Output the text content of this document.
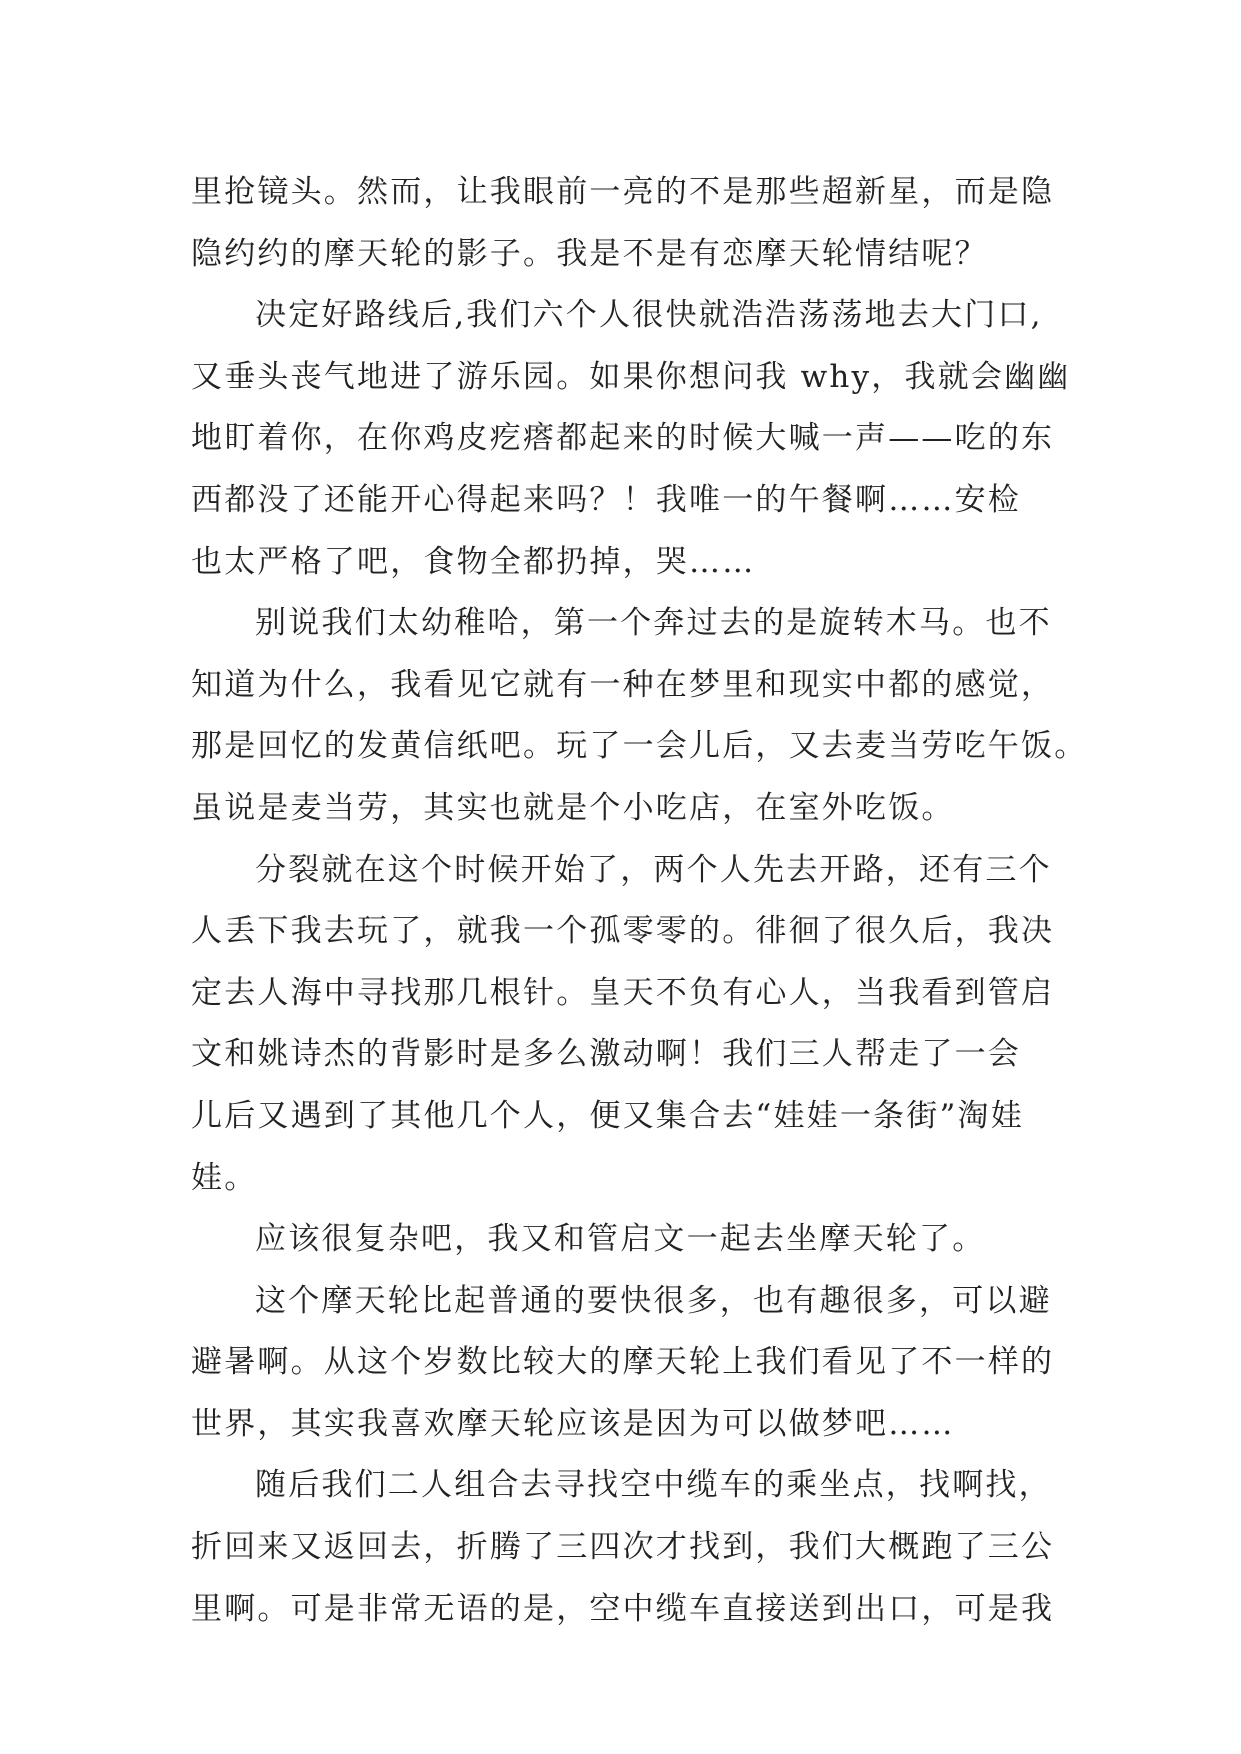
里抢镜头。然而，让我眼前一亮的不是那些超新星，而是隐
隐约约的摩天轮的影子。我是不是有恋摩天轮情结呢？
决定好路线后,我们六个人很快就浩浩荡荡地去大门口,
又垂头丧气地进了游乐园。如果你想问我 why，我就会幽幽
地盯着你，在你鸡皮疙瘩都起来的时候大喊一声——吃的东
西都没了还能开心得起来吗？！我唯一的午餐啊……安检
也太严格了吧，食物全都扔掉，哭……
别说我们太幼稚哈，第一个奔过去的是旋转木马。也不
知道为什么，我看见它就有一种在梦里和现实中都的感觉，
那是回忆的发黄信纸吧。玩了一会儿后，又去麦当劳吃午饭。
虽说是麦当劳，其实也就是个小吃店，在室外吃饭。
分裂就在这个时候开始了，两个人先去开路，还有三个
人丢下我去玩了，就我一个孤零零的。徘徊了很久后，我决
定去人海中寻找那几根针。皇天不负有心人，当我看到管启
文和姚诗杰的背影时是多么激动啊！我们三人帮走了一会
儿后又遇到了其他几个人，便又集合去“娃娃一条街”淘娃
娃。
应该很复杂吧，我又和管启文一起去坐摩天轮了。
这个摩天轮比起普通的要快很多，也有趣很多，可以避
避暑啊。从这个岁数比较大的摩天轮上我们看见了不一样的
世界，其实我喜欢摩天轮应该是因为可以做梦吧……
随后我们二人组合去寻找空中缆车的乘坐点，找啊找，
折回来又返回去，折腾了三四次才找到，我们大概跑了三公
里啊。可是非常无语的是，空中缆车直接送到出口，可是我
